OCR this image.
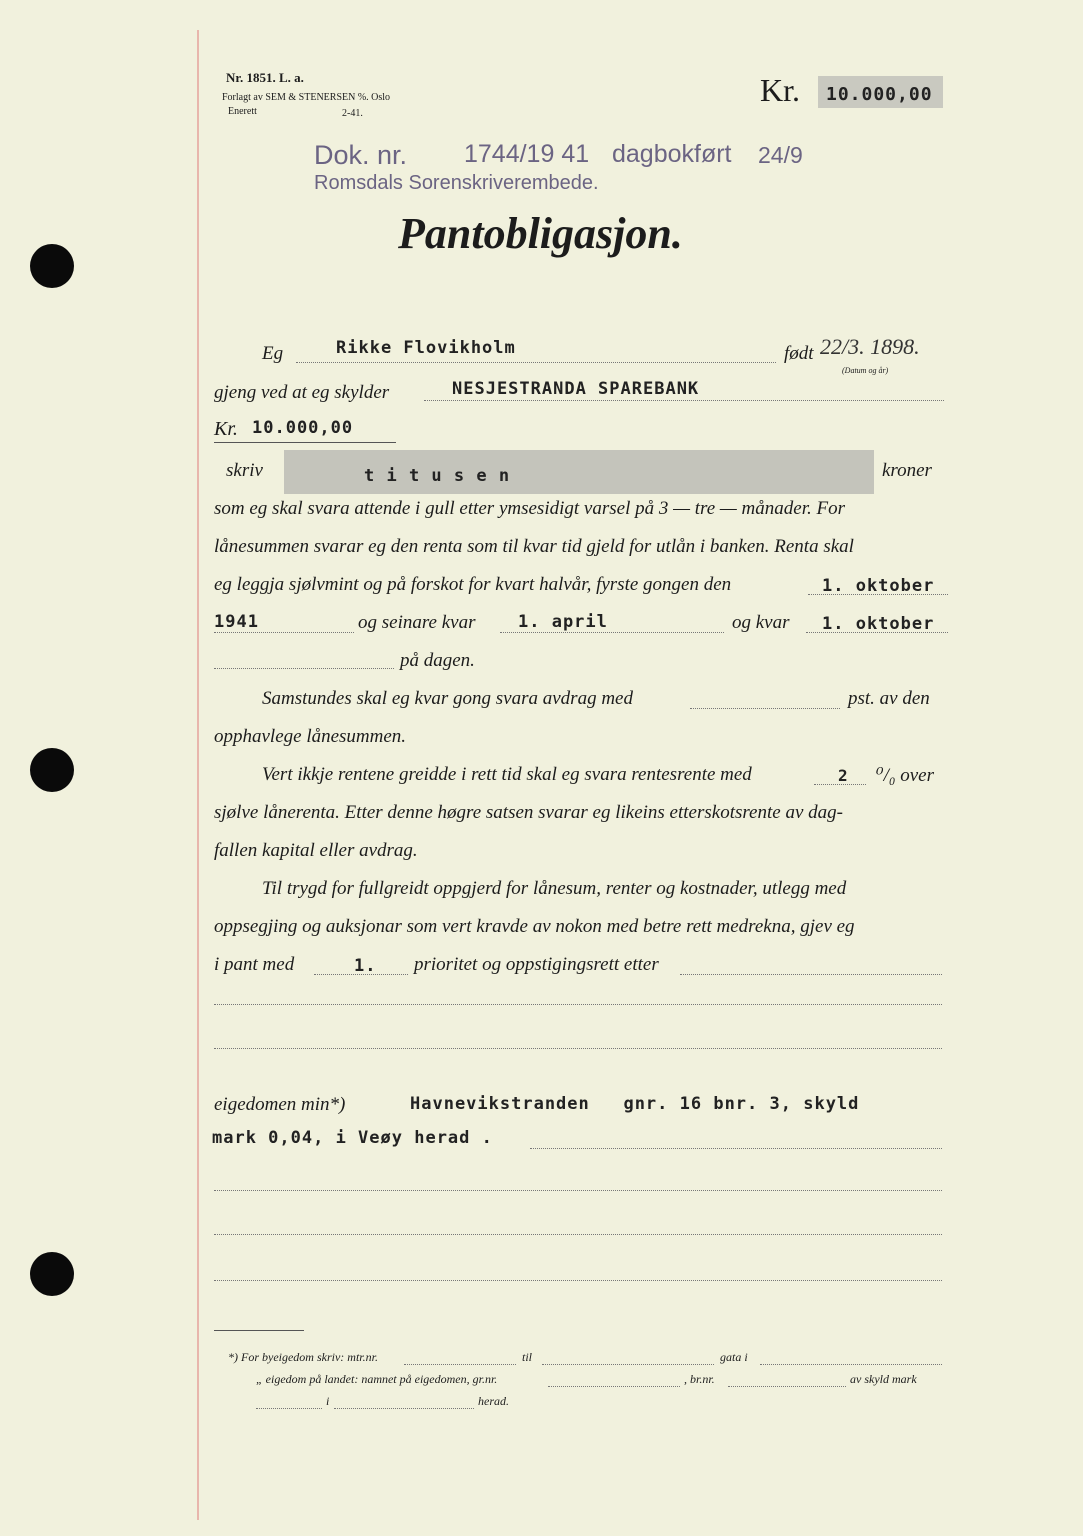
Nr. 1851. L. a.
Forlagt av SEM & STENERSEN %. Oslo
Enerett	2-41.
Kr. 10.000,00
Dok. nr. 1744/19 41 dagbokført 24/9
Romsdals Sorenskriverembede.
Pantobligasjon.
Eg	Rikke Flovikholm	født 22/3. 1898.
(Datum og år)
gjeng ved at eg skylder	NESJESTRANDA SPAREBANK
Kr. 10.000,00
skriv	t i t u s e n	kroner
som eg skal svara attende i gull etter ymsesidigt varsel på 3 — tre — månader. For
lånesummen svarar eg den renta som til kvar tid gjeld for utlån i banken. Renta skal
eg leggja sjølvmint og på forskot for kvart halvår, fyrste gongen den	1. oktober
1941	og seinare kvar	1. april	og kvar 1. oktober
på dagen.
Samstundes skal eg kvar gong svara avdrag med	pst. av den
opphavlege lånesummen.
Vert ikkje rentene greidde i rett tid skal eg svara rentesrente med	2 ⁰/₀ over
sjølve lånerenta. Etter denne høgre satsen svarar eg likeins etterskotsrente av dag-
fallen kapital eller avdrag.
Til trygd for fullgreidt oppgjerd for lånesum, renter og kostnader, utlegg med
oppsegjing og auksjonar som vert kravde av nokon med betre rett medrekna, gjev eg
i pant med	1. prioritet og oppstigingsrett etter
eigedomen min*)	Havnevikstranden   gnr. 16 bnr. 3, skyld
mark 0,04, i Veøy herad .
*) For byeigedom skriv: mtr.nr.	til	gata i
„ eigedom på landet: namnet på eigedomen, gr.nr.	, br.nr.	av skyld mark
i	herad.
